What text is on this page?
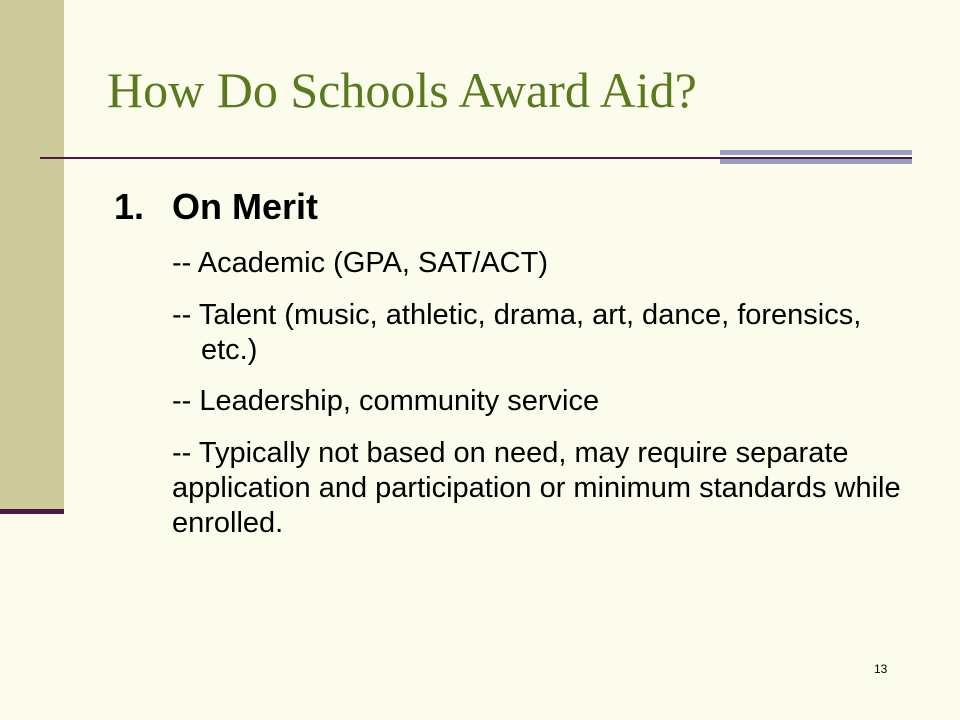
How Do Schools Award Aid?
1. On Merit
-- Academic (GPA, SAT/ACT)
-- Talent (music, athletic, drama, art, dance, forensics, etc.)
-- Leadership, community service
-- Typically not based on need, may require separate application and participation or minimum standards while enrolled.
13
